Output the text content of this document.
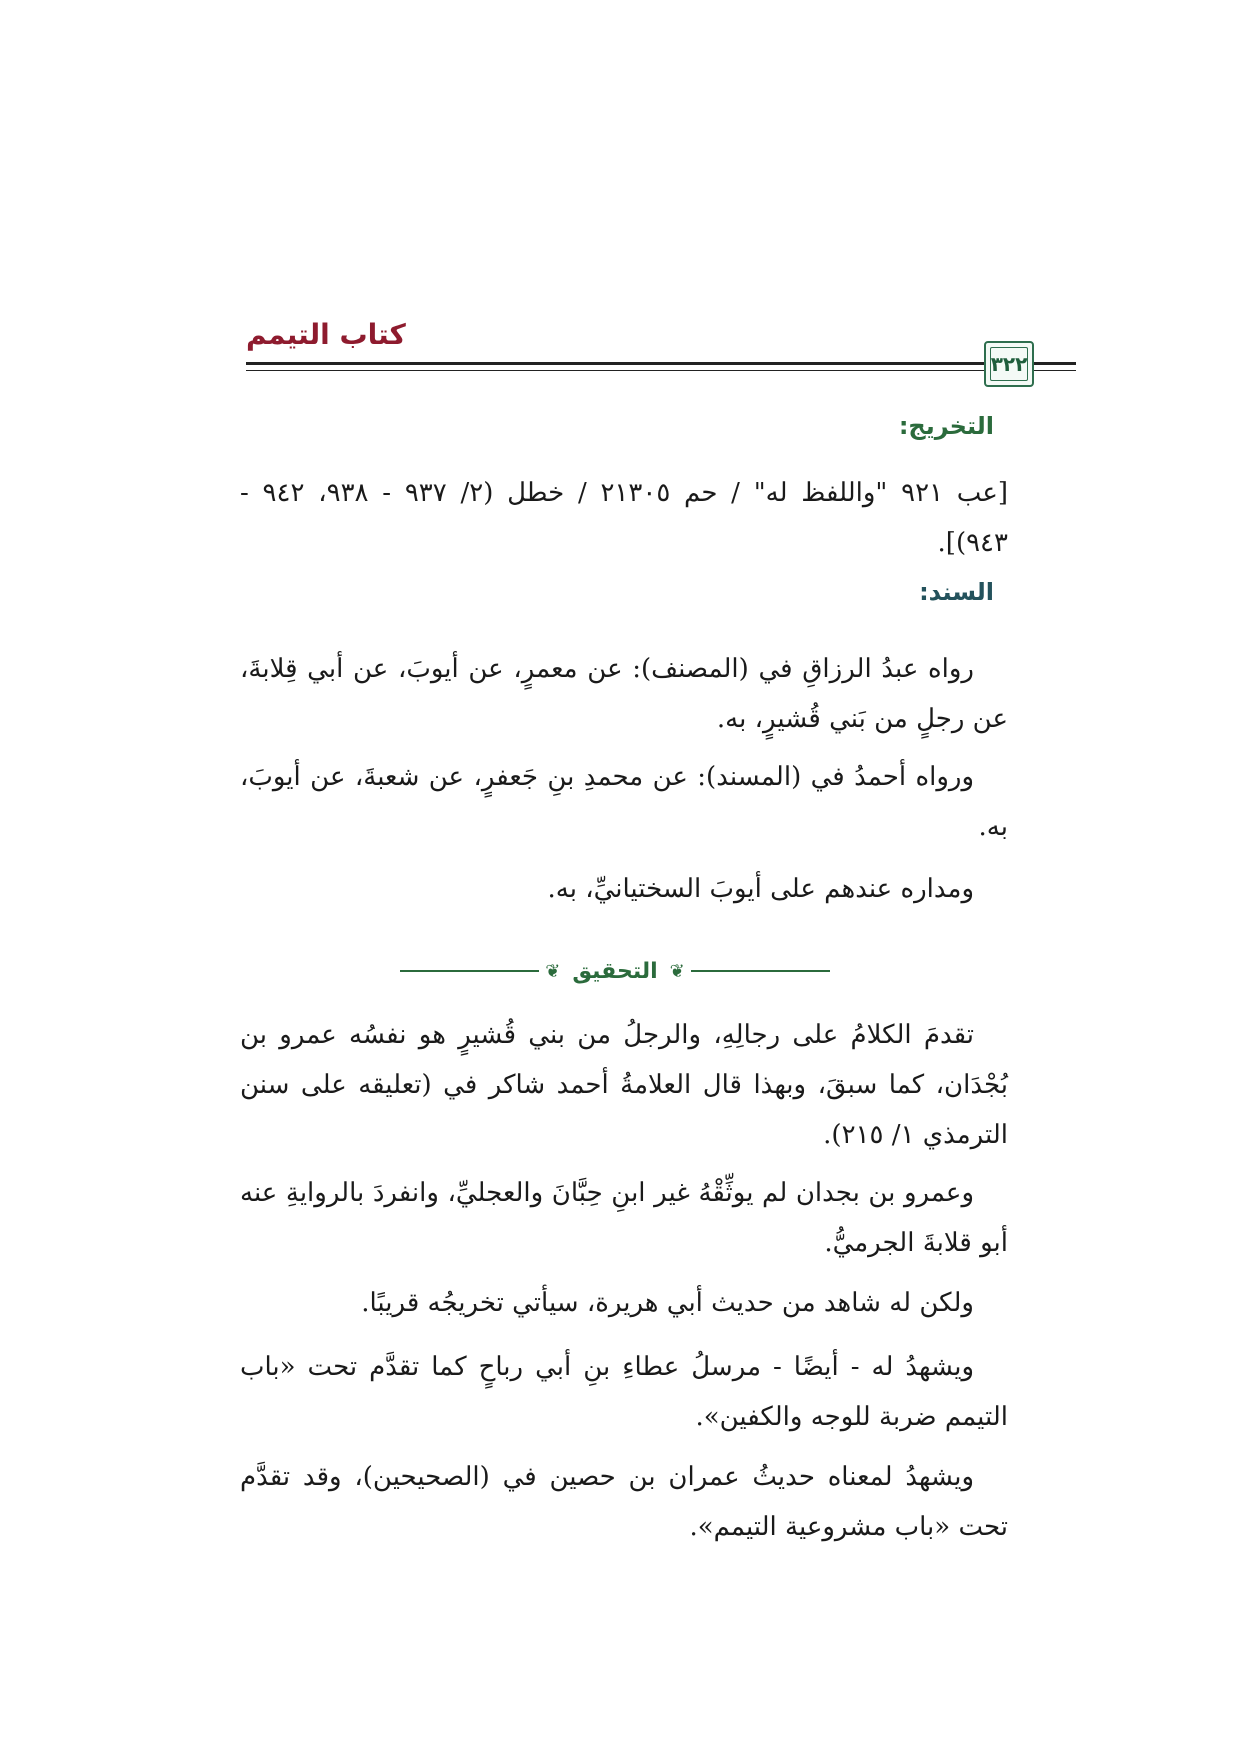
كتاب التيمم
٣٢٢
التخريج:
[عب ٩٢١ "واللفظ له" / حم ٢١٣٠٥ / خطل (٢/ ٩٣٧ - ٩٣٨، ٩٤٢ - ٩٤٣)].
السند:
رواه عبدُ الرزاقِ في (المصنف): عن معمرٍ، عن أيوبَ، عن أبي قِلابةَ، عن رجلٍ من بَني قُشيرٍ، به.
ورواه أحمدُ في (المسند): عن محمدِ بنِ جَعفرٍ، عن شعبةَ، عن أيوبَ، به.
ومداره عندهم على أيوبَ السختيانيِّ، به.
❦
التحقيق
❦
تقدمَ الكلامُ على رجالِهِ، والرجلُ من بني قُشيرٍ هو نفسُه عمرو بن بُجْدَان، كما سبقَ، وبهذا قال العلامةُ أحمد شاكر في (تعليقه على سنن الترمذي ١/ ٢١٥).
وعمرو بن بجدان لم يوثِّقْهُ غير ابنِ حِبَّانَ والعجليِّ، وانفردَ بالروايةِ عنه أبو قلابةَ الجرميُّ.
ولكن له شاهد من حديث أبي هريرة، سيأتي تخريجُه قريبًا.
ويشهدُ له - أيضًا - مرسلُ عطاءِ بنِ أبي رباحٍ كما تقدَّم تحت «باب التيمم ضربة للوجه والكفين».
ويشهدُ لمعناه حديثُ عمران بن حصين في (الصحيحين)، وقد تقدَّم تحت «باب مشروعية التيمم».
